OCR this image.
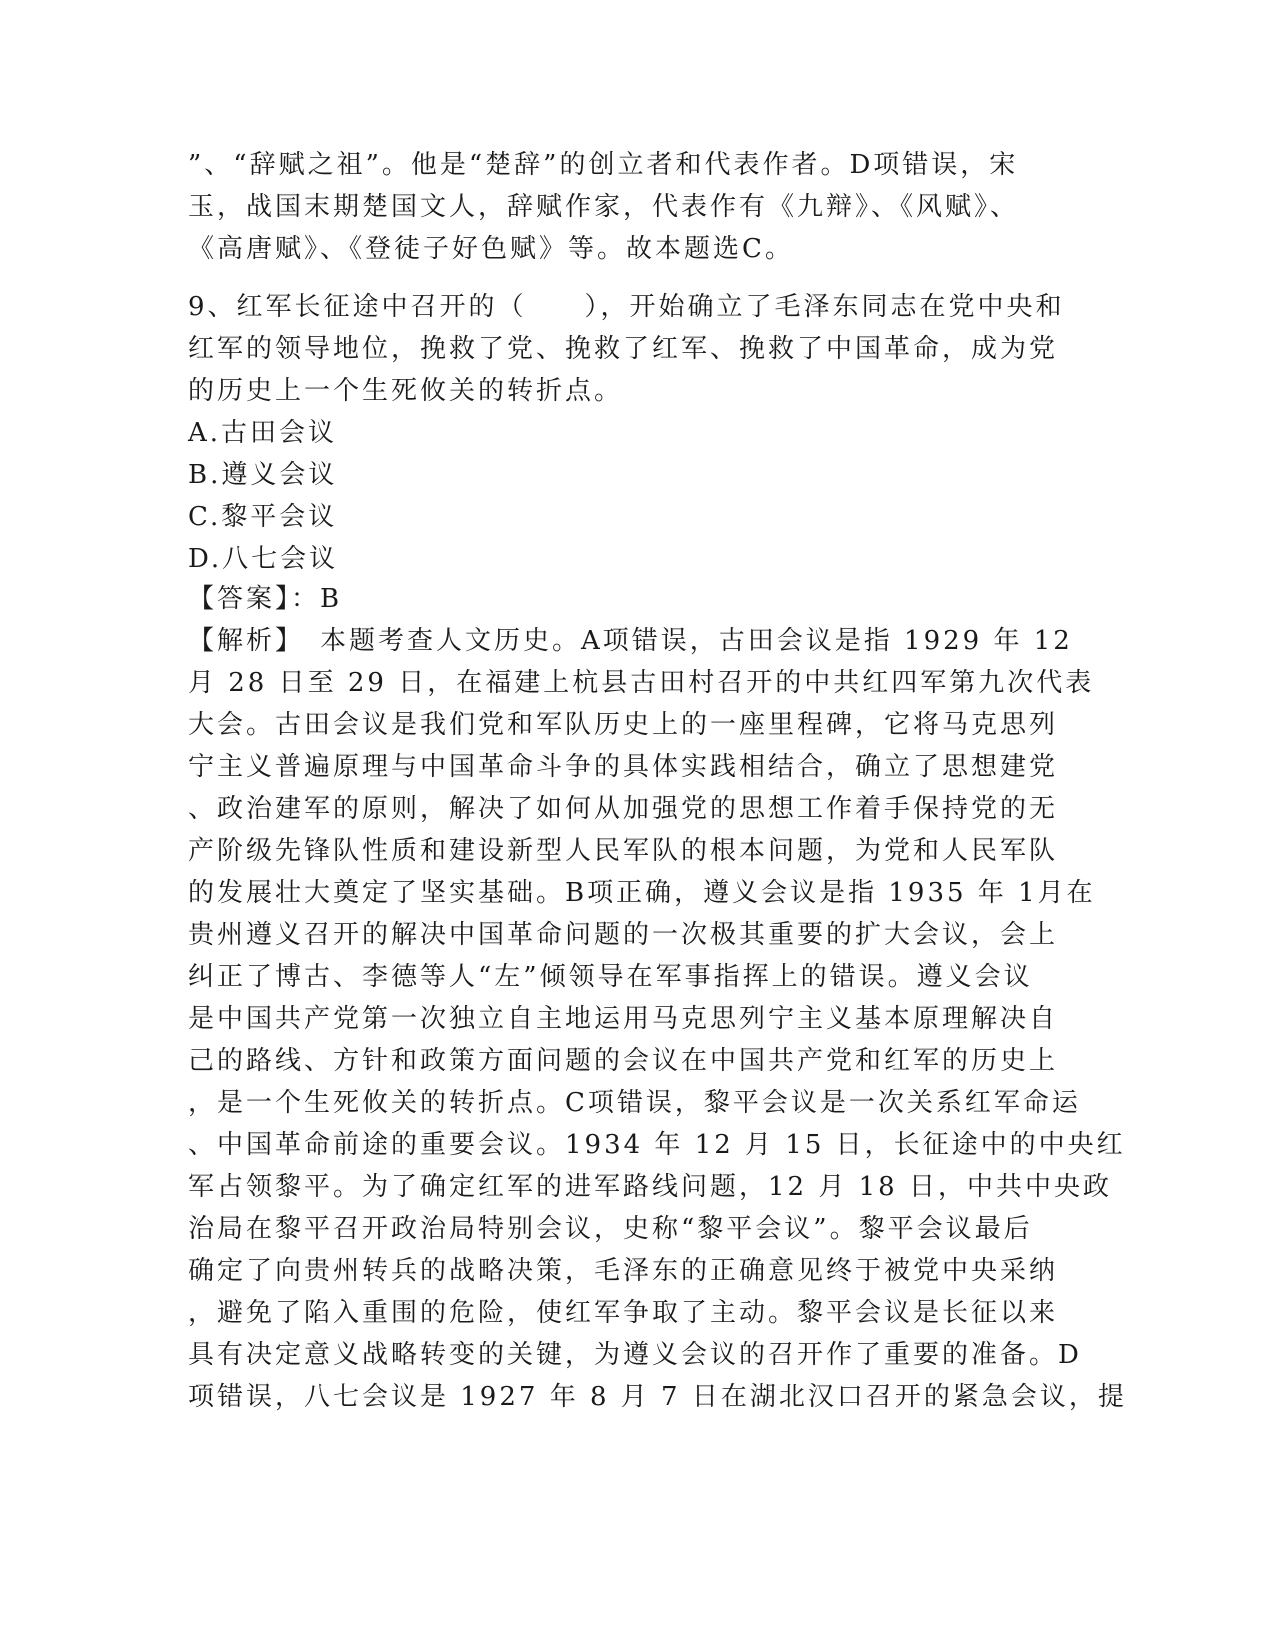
”、“辞赋之祖”。他是“楚辞”的创立者和代表作者。D项错误，宋
玉，战国末期楚国文人，辞赋作家，代表作有《九辩》、《风赋》、
《高唐赋》、《登徒子好色赋》等。故本题选C。
9、红军长征途中召开的（　　），开始确立了毛泽东同志在党中央和
红军的领导地位，挽救了党、挽救了红军、挽救了中国革命，成为党
的历史上一个生死攸关的转折点。
A.古田会议
B.遵义会议
C.黎平会议
D.八七会议
【答案】：B
【解析】　本题考查人文历史。A项错误，古田会议是指 1929 年 12
月 28 日至 29 日，在福建上杭县古田村召开的中共红四军第九次代表
大会。古田会议是我们党和军队历史上的一座里程碑，它将马克思列
宁主义普遍原理与中国革命斗争的具体实践相结合，确立了思想建党
、政治建军的原则，解决了如何从加强党的思想工作着手保持党的无
产阶级先锋队性质和建设新型人民军队的根本问题，为党和人民军队
的发展壮大奠定了坚实基础。B项正确，遵义会议是指 1935 年 1月在
贵州遵义召开的解决中国革命问题的一次极其重要的扩大会议，会上
纠正了博古、李德等人“左”倾领导在军事指挥上的错误。遵义会议
是中国共产党第一次独立自主地运用马克思列宁主义基本原理解决自
己的路线、方针和政策方面问题的会议在中国共产党和红军的历史上
，是一个生死攸关的转折点。C项错误，黎平会议是一次关系红军命运
、中国革命前途的重要会议。1934 年 12 月 15 日，长征途中的中央红
军占领黎平。为了确定红军的进军路线问题，12 月 18 日，中共中央政
治局在黎平召开政治局特别会议，史称“黎平会议”。黎平会议最后
确定了向贵州转兵的战略决策，毛泽东的正确意见终于被党中央采纳
，避免了陷入重围的危险，使红军争取了主动。黎平会议是长征以来
具有决定意义战略转变的关键，为遵义会议的召开作了重要的准备。D
项错误，八七会议是 1927 年 8 月 7 日在湖北汉口召开的紧急会议，提
